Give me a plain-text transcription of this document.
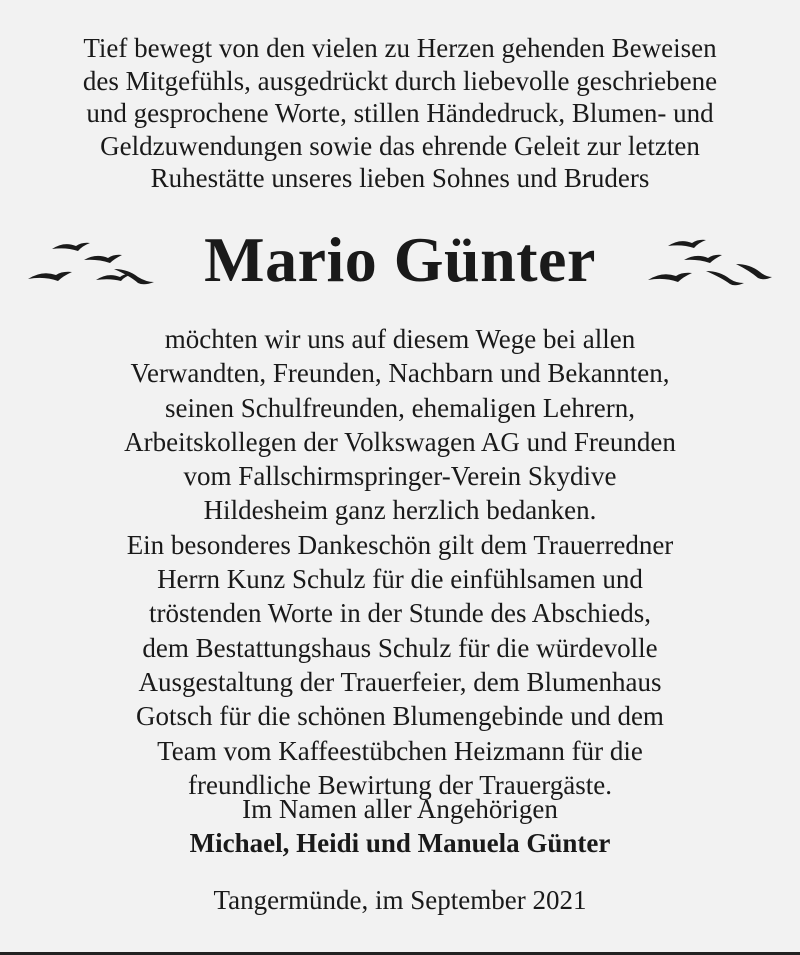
Tief bewegt von den vielen zu Herzen gehenden Beweisen
des Mitgefühls, ausgedrückt durch liebevolle geschriebene
und gesprochene Worte, stillen Händedruck, Blumen- und
Geldzuwendungen sowie das ehrende Geleit zur letzten
Ruhestätte unseres lieben Sohnes und Bruders
Mario Günter
möchten wir uns auf diesem Wege bei allen
Verwandten, Freunden, Nachbarn und Bekannten,
seinen Schulfreunden, ehemaligen Lehrern,
Arbeitskollegen der Volkswagen AG und Freunden
vom Fallschirmspringer-Verein Skydive
Hildesheim ganz herzlich bedanken.
Ein besonderes Dankeschön gilt dem Trauerredner
Herrn Kunz Schulz für die einfühlsamen und
tröstenden Worte in der Stunde des Abschieds,
dem Bestattungshaus Schulz für die würdevolle
Ausgestaltung der Trauerfeier, dem Blumenhaus
Gotsch für die schönen Blumengebinde und dem
Team vom Kaffeestübchen Heizmann für die
freundliche Bewirtung der Trauergäste.
Im Namen aller Angehörigen
Michael, Heidi und Manuela Günter
Tangermünde, im September 2021
